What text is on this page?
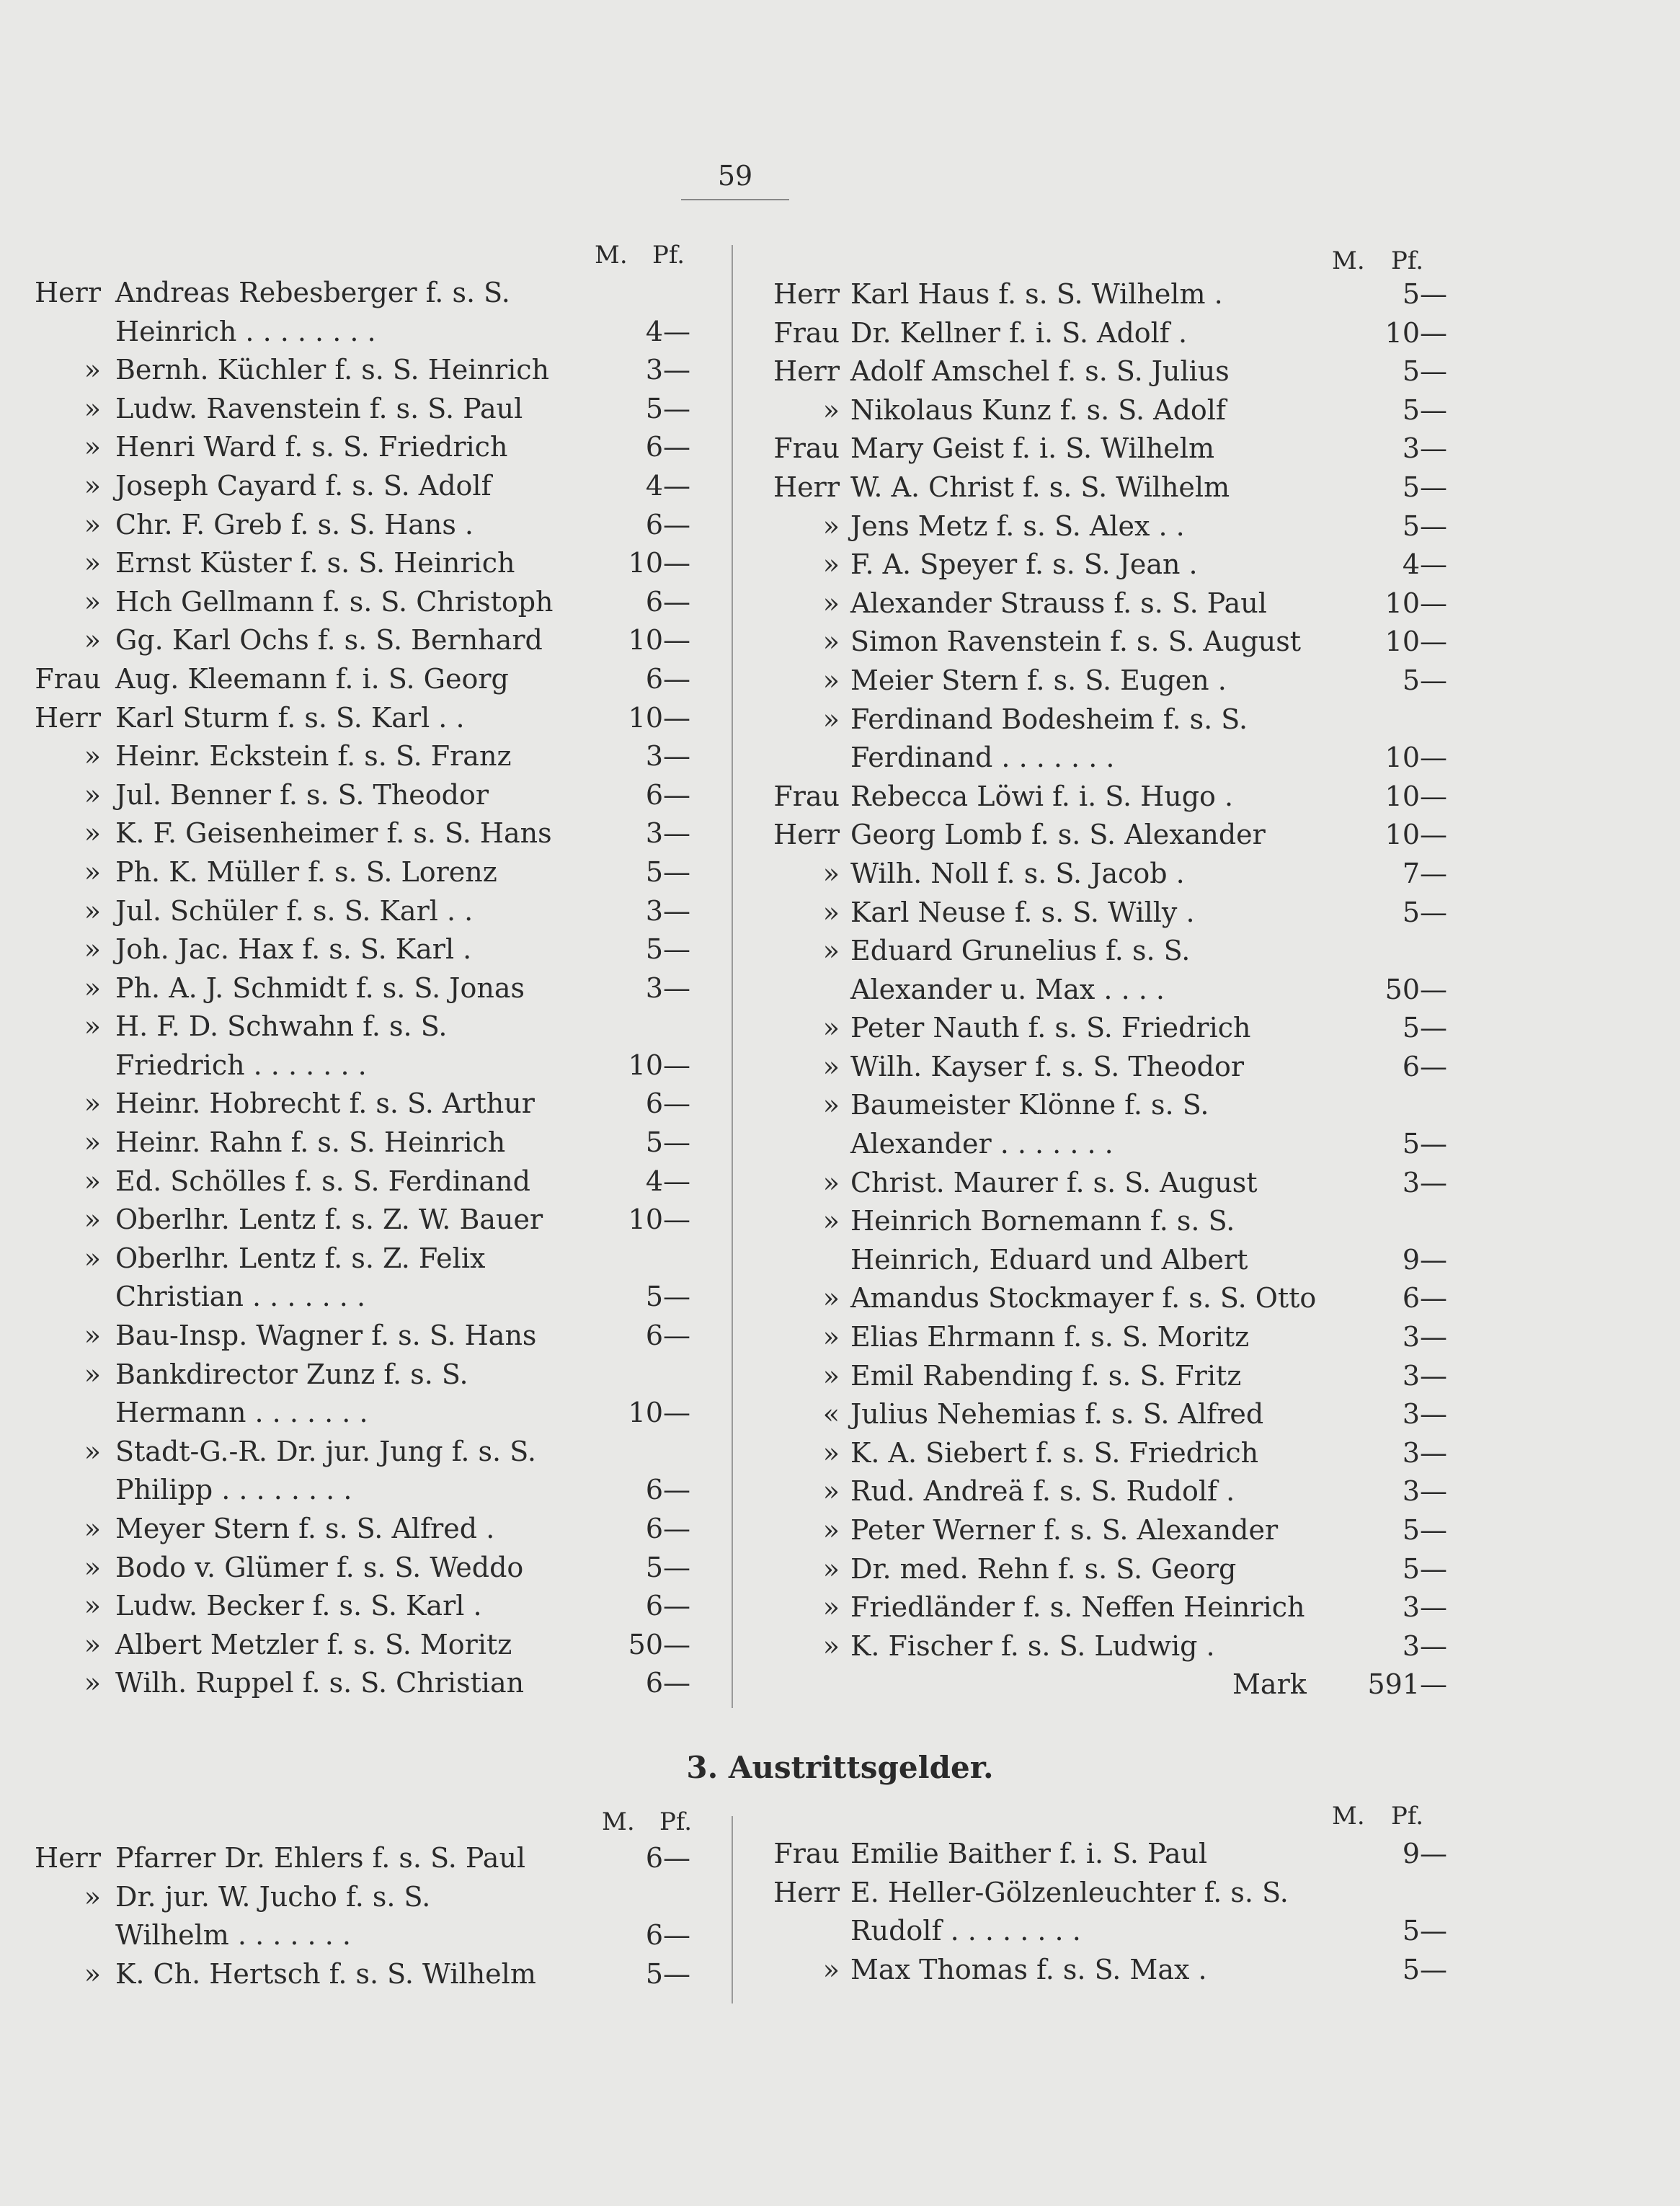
59
M. Pf.	M. Pf.
Herr Andreas Rebesberger f. s. S.
Heinrich . . . . . . . .	4 —
» Bernh. Küchler f. s. S. Heinrich	3 —
» Ludw. Ravenstein f. s. S. Paul	5 —
» Henri Ward f. s. S. Friedrich	6 —
» Joseph Cayard f. s. S. Adolf	4 —
» Chr. F. Greb f. s. S. Hans .	6 —
» Ernst Küster f. s. S. Heinrich	10 —
» Hch Gellmann f. s. S. Christoph	6 —
» Gg. Karl Ochs f. s. S. Bernhard	10 —
Frau Aug. Kleemann f. i. S. Georg	6 —
Herr Karl Sturm f. s. S. Karl . .	10 —
» Heinr. Eckstein f. s. S. Franz	3 —
» Jul. Benner f. s. S. Theodor	6 —
» K. F. Geisenheimer f. s. S. Hans	3 —
» Ph. K. Müller f. s. S. Lorenz	5 —
» Jul. Schüler f. s. S. Karl . .	3 —
» Joh. Jac. Hax f. s. S. Karl .	5 —
» Ph. A. J. Schmidt f. s. S. Jonas	3 —
» H. F. D. Schwahn f. s. S.
Friedrich . . . . . . .	10 —
» Heinr. Hobrecht f. s. S. Arthur	6 —
» Heinr. Rahn f. s. S. Heinrich	5 —
» Ed. Schölles f. s. S. Ferdinand	4 —
» Oberlhr. Lentz f. s. Z. W. Bauer	10 —
» Oberlhr. Lentz f. s. Z. Felix
Christian . . . . . . .	5 —
» Bau-Insp. Wagner f. s. S. Hans	6 —
» Bankdirector Zunz f. s. S.
Hermann . . . . . . .	10 —
» Stadt-G.-R. Dr. jur. Jung f. s. S.
Philipp . . . . . . . .	6 —
» Meyer Stern f. s. S. Alfred .	6 —
» Bodo v. Glümer f. s. S. Weddo	5 —
» Ludw. Becker f. s. S. Karl .	6 —
» Albert Metzler f. s. S. Moritz	50 —
» Wilh. Ruppel f. s. S. Christian	6 —
Herr Karl Haus f. s. S. Wilhelm .	5 —
Frau Dr. Kellner f. i. S. Adolf .	10 —
Herr Adolf Amschel f. s. S. Julius	5 —
» Nikolaus Kunz f. s. S. Adolf	5 —
Frau Mary Geist f. i. S. Wilhelm	3 —
Herr W. A. Christ f. s. S. Wilhelm	5 —
» Jens Metz f. s. S. Alex . .	5 —
» F. A. Speyer f. s. S. Jean .	4 —
» Alexander Strauss f. s. S. Paul	10 —
» Simon Ravenstein f. s. S. August	10 —
» Meier Stern f. s. S. Eugen .	5 —
» Ferdinand Bodesheim f. s. S.
Ferdinand . . . . . . .	10 —
Frau Rebecca Löwi f. i. S. Hugo .	10 —
Herr Georg Lomb f. s. S. Alexander	10 —
» Wilh. Noll f. s. S. Jacob .	7 —
» Karl Neuse f. s. S. Willy .	5 —
» Eduard Grunelius f. s. S.
Alexander u. Max . . . .	50 —
» Peter Nauth f. s. S. Friedrich	5 —
» Wilh. Kayser f. s. S. Theodor	6 —
» Baumeister Klönne f. s. S.
Alexander . . . . . . .	5 —
» Christ. Maurer f. s. S. August	3 —
» Heinrich Bornemann f. s. S.
Heinrich, Eduard und Albert	9 —
» Amandus Stockmayer f. s. S. Otto	6 —
» Elias Ehrmann f. s. S. Moritz	3 —
» Emil Rabending f. s. S. Fritz	3 —
« Julius Nehemias f. s. S. Alfred	3 —
» K. A. Siebert f. s. S. Friedrich	3 —
» Rud. Andreä f. s. S. Rudolf .	3 —
» Peter Werner f. s. S. Alexander	5 —
» Dr. med. Rehn f. s. S. Georg	5 —
» Friedländer f. s. Neffen Heinrich	3 —
» K. Fischer f. s. S. Ludwig .	3 —
Mark	591 —
3. Austrittsgelder.
M. Pf.	M. Pf.
Herr Pfarrer Dr. Ehlers f. s. S. Paul	6 —
» Dr. jur. W. Jucho f. s. S.
Wilhelm . . . . . . .	6 —
» K. Ch. Hertsch f. s. S. Wilhelm	5 —
Frau Emilie Baither f. i. S. Paul	9 —
Herr E. Heller-Gölzenleuchter f. s. S.
Rudolf . . . . . . . .	5 —
» Max Thomas f. s. S. Max .	5 —
